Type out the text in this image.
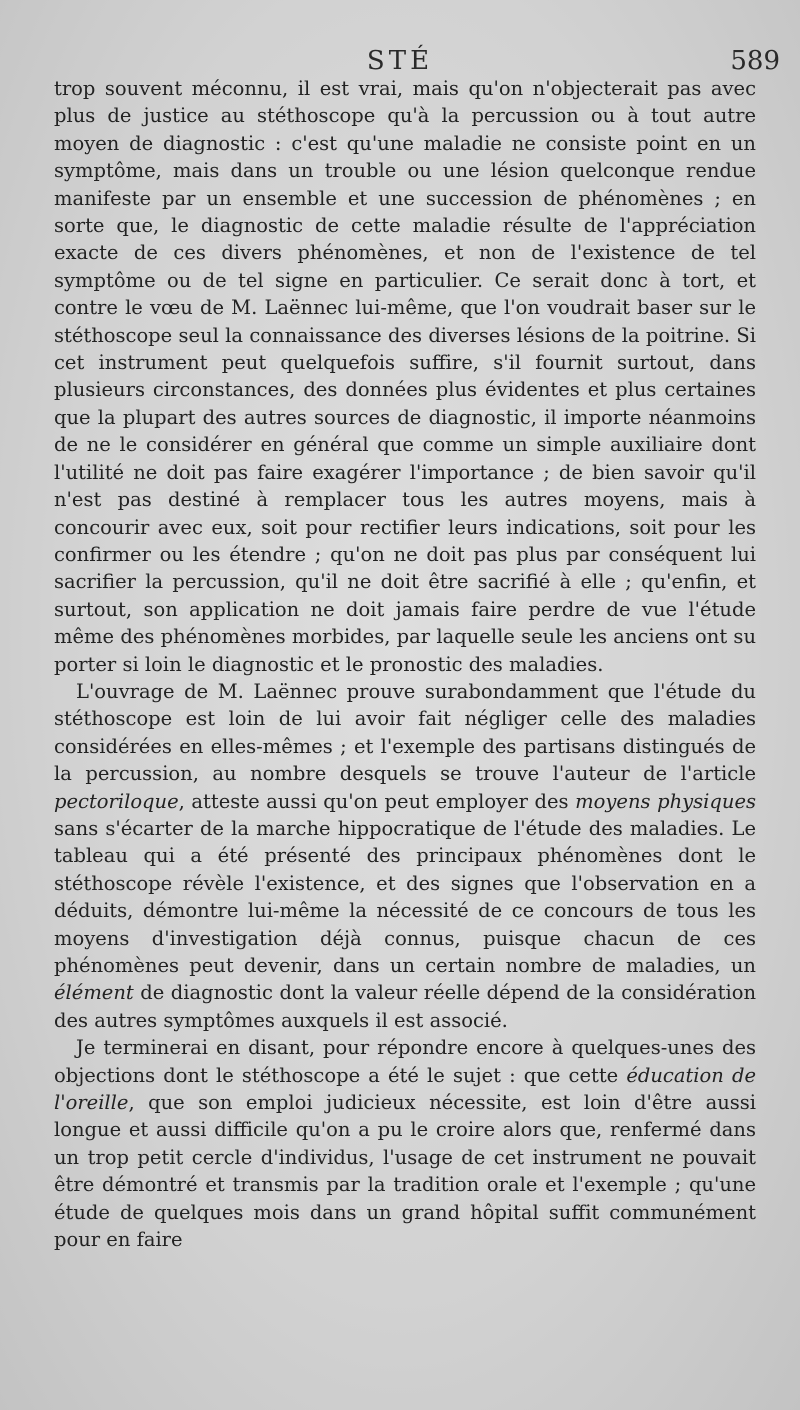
STÉ	589

trop souvent méconnu, il est vrai, mais qu'on n'objecterait pas avec plus de justice au stéthoscope qu'à la percussion ou à tout autre moyen de diagnostic : c'est qu'une maladie ne consiste point en un symptôme, mais dans un trouble ou une lésion quelconque rendue manifeste par un ensemble et une succession de phénomènes ; en sorte que, le diagnostic de cette maladie résulte de l'appréciation exacte de ces divers phénomènes, et non de l'existence de tel symptôme ou de tel signe en particulier. Ce serait donc à tort, et contre le vœu de M. Laënnec lui-même, que l'on voudrait baser sur le stéthoscope seul la connaissance des diverses lésions de la poitrine. Si cet instrument peut quelquefois suffire, s'il fournit surtout, dans plusieurs circonstances, des données plus évidentes et plus certaines que la plupart des autres sources de diagnostic, il importe néanmoins de ne le considérer en général que comme un simple auxiliaire dont l'utilité ne doit pas faire exagérer l'importance ; de bien savoir qu'il n'est pas destiné à remplacer tous les autres moyens, mais à concourir avec eux, soit pour rectifier leurs indications, soit pour les confirmer ou les étendre ; qu'on ne doit pas plus par conséquent lui sacrifier la percussion, qu'il ne doit être sacrifié à elle ; qu'enfin, et surtout, son application ne doit jamais faire perdre de vue l'étude même des phénomènes morbides, par laquelle seule les anciens ont su porter si loin le diagnostic et le pronostic des maladies.

L'ouvrage de M. Laënnec prouve surabondamment que l'étude du stéthoscope est loin de lui avoir fait négliger celle des maladies considérées en elles-mêmes ; et l'exemple des partisans distingués de la percussion, au nombre desquels se trouve l'auteur de l'article pectoriloque, atteste aussi qu'on peut employer des moyens physiques sans s'écarter de la marche hippocratique de l'étude des maladies. Le tableau qui a été présenté des principaux phénomènes dont le stéthoscope révèle l'existence, et des signes que l'observation en a déduits, démontre lui-même la nécessité de ce concours de tous les moyens d'investigation déjà connus, puisque chacun de ces phénomènes peut devenir, dans un certain nombre de maladies, un élément de diagnostic dont la valeur réelle dépend de la considération des autres symptômes auxquels il est associé.

Je terminerai en disant, pour répondre encore à quelques-unes des objections dont le stéthoscope a été le sujet : que cette éducation de l'oreille, que son emploi judicieux nécessite, est loin d'être aussi longue et aussi difficile qu'on a pu le croire alors que, renfermé dans un trop petit cercle d'individus, l'usage de cet instrument ne pouvait être démontré et transmis par la tradition orale et l'exemple ; qu'une étude de quelques mois dans un grand hôpital suffit communément pour en faire
